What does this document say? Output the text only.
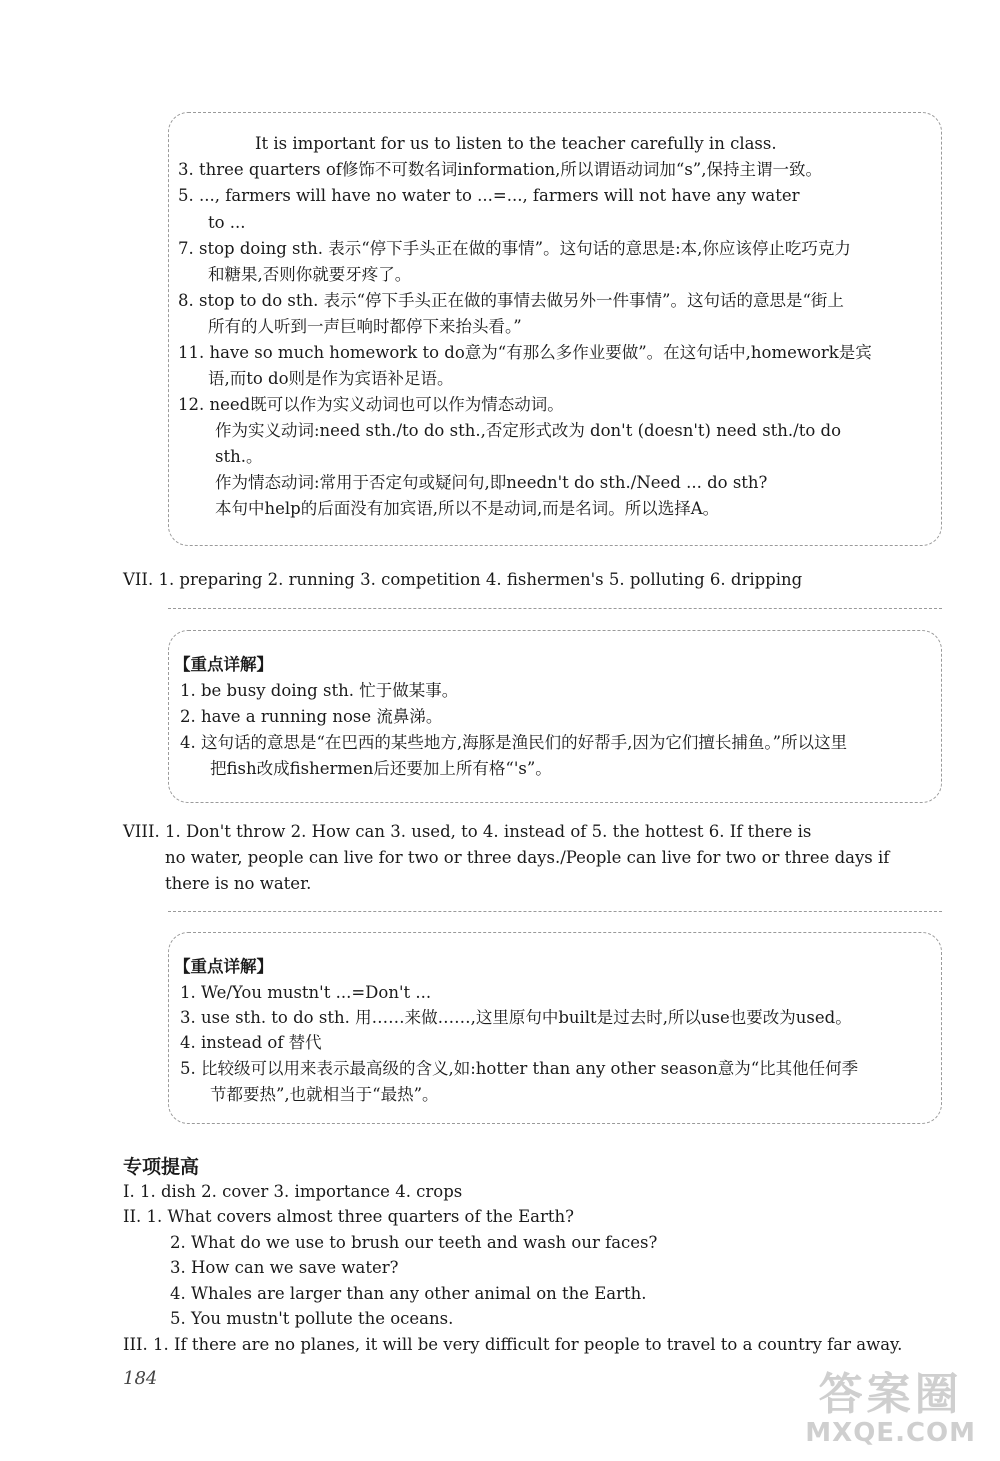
It is important for us to listen to the teacher carefully in class.
3. three quarters of修饰不可数名词information,所以谓语动词加“s”,保持主谓一致。
5. ..., farmers will have no water to ...=..., farmers will not have any water
to ...
7. stop doing sth. 表示“停下手头正在做的事情”。这句话的意思是:本,你应该停止吃巧克力
和糖果,否则你就要牙疼了。
8. stop to do sth. 表示“停下手头正在做的事情去做另外一件事情”。这句话的意思是“街上
所有的人听到一声巨响时都停下来抬头看。”
11. have so much homework to do意为“有那么多作业要做”。在这句话中,homework是宾
语,而to do则是作为宾语补足语。
12. need既可以作为实义动词也可以作为情态动词。
作为实义动词:need sth./to do sth.,否定形式改为 don't (doesn't) need sth./to do
sth.。
作为情态动词:常用于否定句或疑问句,即needn't do sth./Need ... do sth?
本句中help的后面没有加宾语,所以不是动词,而是名词。所以选择A。
VII. 1. preparing 2. running 3. competition 4. fishermen's 5. polluting 6. dripping
【重点详解】
1. be busy doing sth. 忙于做某事。
2. have a running nose 流鼻涕。
4. 这句话的意思是“在巴西的某些地方,海豚是渔民们的好帮手,因为它们擅长捕鱼。”所以这里
把fish改成fishermen后还要加上所有格“'s”。
VIII. 1. Don't throw 2. How can 3. used, to 4. instead of 5. the hottest 6. If there is
no water, people can live for two or three days./People can live for two or three days if
there is no water.
【重点详解】
1. We/You mustn't ...=Don't ...
3. use sth. to do sth. 用……来做……,这里原句中built是过去时,所以use也要改为used。
4. instead of 替代
5. 比较级可以用来表示最高级的含义,如:hotter than any other season意为“比其他任何季
节都要热”,也就相当于“最热”。
专项提高
I. 1. dish 2. cover 3. importance 4. crops
II. 1. What covers almost three quarters of the Earth?
2. What do we use to brush our teeth and wash our faces?
3. How can we save water?
4. Whales are larger than any other animal on the Earth.
5. You mustn't pollute the oceans.
III. 1. If there are no planes, it will be very difficult for people to travel to a country far away.
184	答案圈
MXQE.COM
